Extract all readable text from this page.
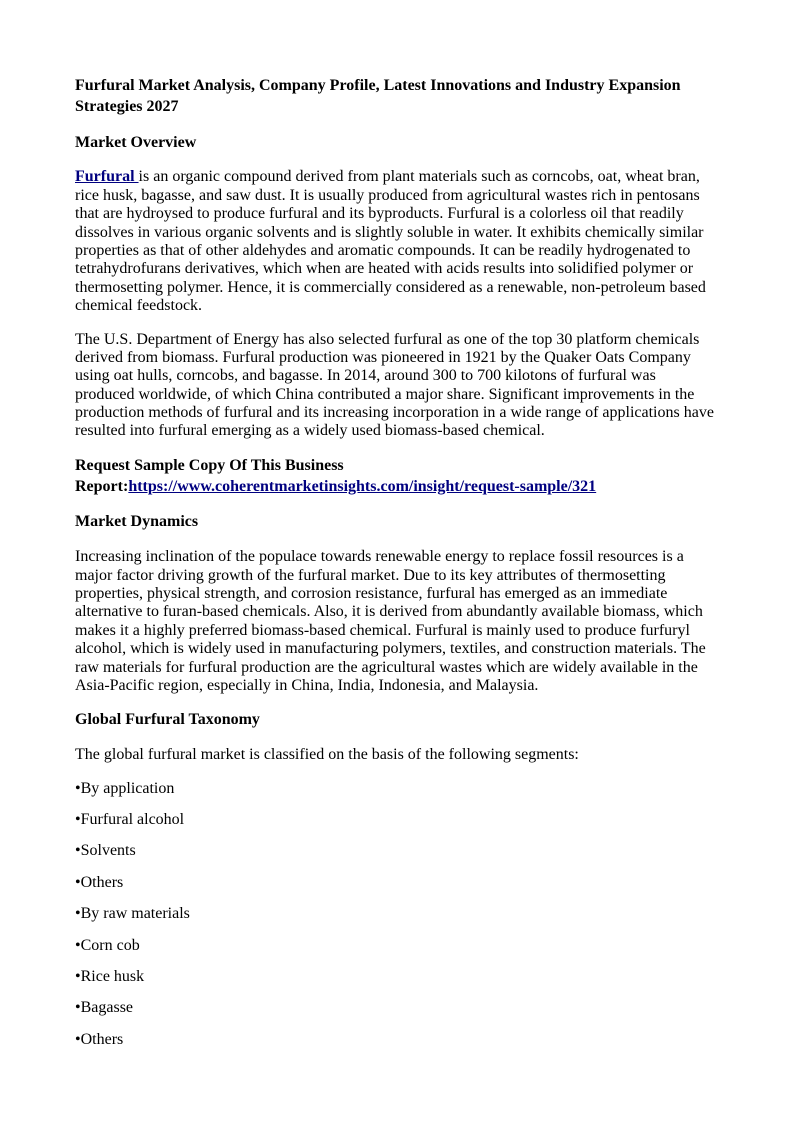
Furfural Market Analysis, Company Profile, Latest Innovations and Industry Expansion Strategies 2027

Market Overview

Furfural is an organic compound derived from plant materials such as corncobs, oat, wheat bran, rice husk, bagasse, and saw dust. It is usually produced from agricultural wastes rich in pentosans that are hydroysed to produce furfural and its byproducts. Furfural is a colorless oil that readily dissolves in various organic solvents and is slightly soluble in water. It exhibits chemically similar properties as that of other aldehydes and aromatic compounds. It can be readily hydrogenated to tetrahydrofurans derivatives, which when are heated with acids results into solidified polymer or thermosetting polymer. Hence, it is commercially considered as a renewable, non-petroleum based chemical feedstock.

The U.S. Department of Energy has also selected furfural as one of the top 30 platform chemicals derived from biomass. Furfural production was pioneered in 1921 by the Quaker Oats Company using oat hulls, corncobs, and bagasse. In 2014, around 300 to 700 kilotons of furfural was produced worldwide, of which China contributed a major share. Significant improvements in the production methods of furfural and its increasing incorporation in a wide range of applications have resulted into furfural emerging as a widely used biomass-based chemical.

Request Sample Copy Of This Business
Report:https://www.coherentmarketinsights.com/insight/request-sample/321

Market Dynamics

Increasing inclination of the populace towards renewable energy to replace fossil resources is a major factor driving growth of the furfural market. Due to its key attributes of thermosetting properties, physical strength, and corrosion resistance, furfural has emerged as an immediate alternative to furan-based chemicals. Also, it is derived from abundantly available biomass, which makes it a highly preferred biomass-based chemical. Furfural is mainly used to produce furfuryl alcohol, which is widely used in manufacturing polymers, textiles, and construction materials. The raw materials for furfural production are the agricultural wastes which are widely available in the Asia-Pacific region, especially in China, India, Indonesia, and Malaysia.

Global Furfural Taxonomy

The global furfural market is classified on the basis of the following segments:

•By application

•Furfural alcohol

•Solvents

•Others

•By raw materials

•Corn cob

•Rice husk

•Bagasse

•Others
